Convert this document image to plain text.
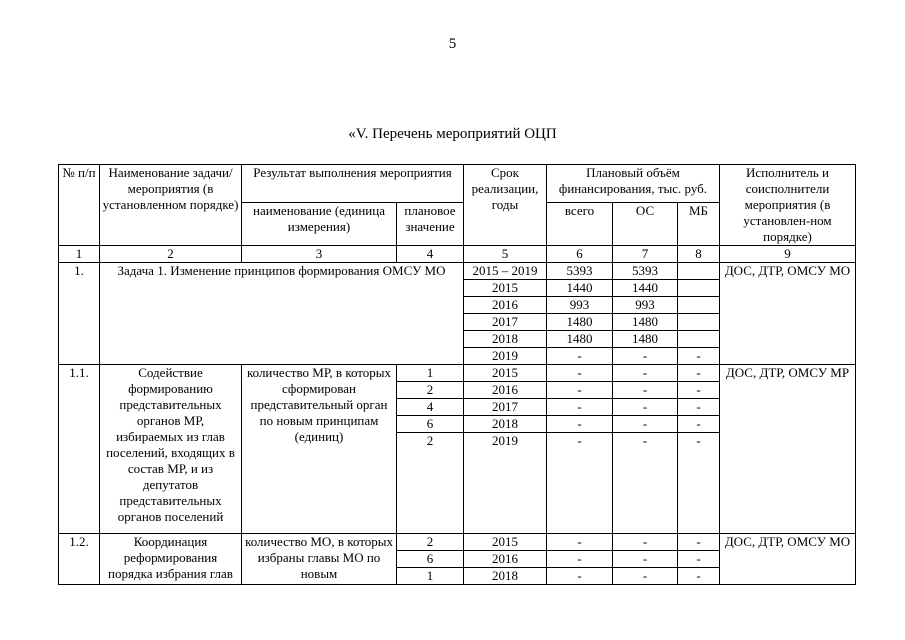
5
«V. Перечень мероприятий ОЦП
№ п/п	Наименование задачи/мероприятия (в установленном порядке)	Результат выполнения мероприятия		Срок реализации, годы	Плановый объём финансирования, тыс. руб.			Исполнитель и соисполнители мероприятия (в установлен-ном порядке)
		наименование (единица измерения)	плановое значение		всего	ОС	МБ	
1	2	3	4	5	6	7	8	9
1.	Задача 1. Изменение принципов формирования ОМСУ МО			2015 – 2019	5393	5393		ДОС, ДТР, ОМСУ МО
				2015	1440	1440		
				2016	993	993		
				2017	1480	1480		
				2018	1480	1480		
				2019	-	-	-	
1.1.	Содействие формированию представительных органов МР, избираемых из глав поселений, входящих в состав МР, и из депутатов представительных органов поселений	количество МР, в которых сформирован представительный орган по новым принципам (единиц)	1	2015	-	-	-	ДОС, ДТР, ОМСУ МР
			2	2016	-	-	-	
			4	2017	-	-	-	
			6	2018	-	-	-	
			2	2019	-	-	-	
1.2.	Координация реформирования порядка избрания глав	количество МО, в которых избраны главы МО по новым	2	2015	-	-	-	ДОС, ДТР, ОМСУ МО
			6	2016	-	-	-	
			1	2018	-	-	-	
